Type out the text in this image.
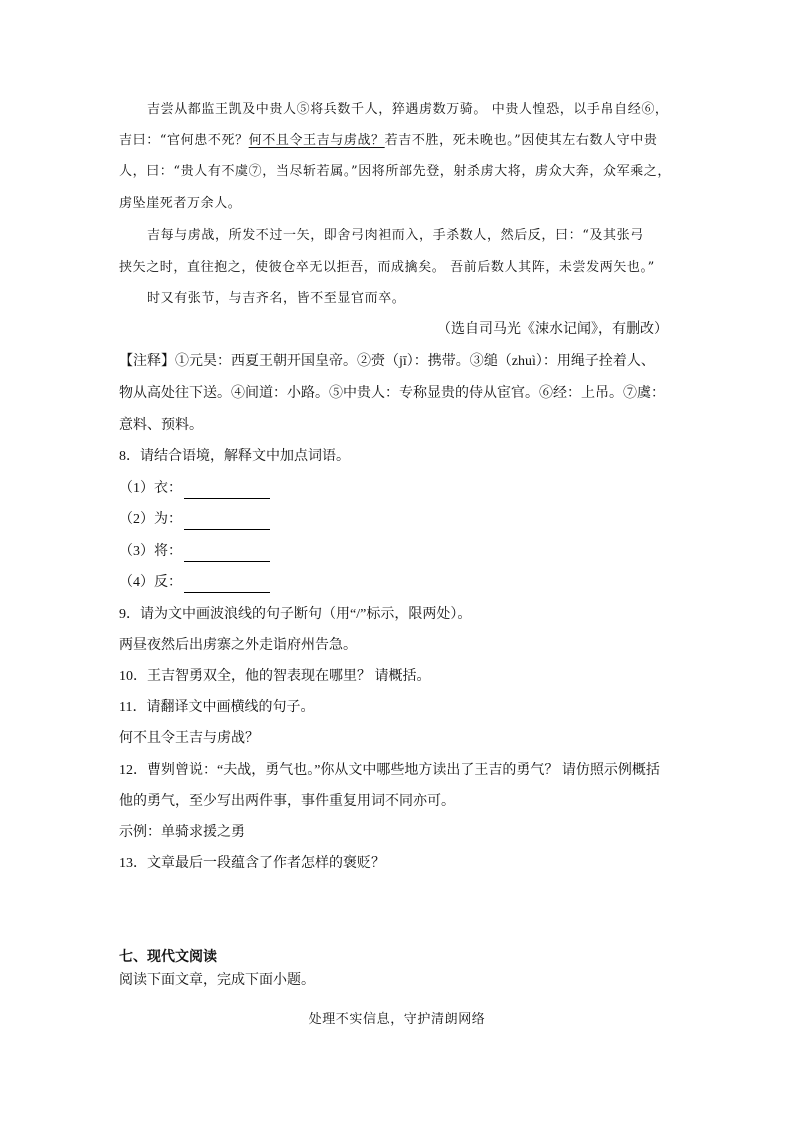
吉尝从都监王凯及中贵人⑤将兵数千人，猝遇虏数万骑。 中贵人惶恐，以手帛自经⑥，
吉曰：“官何患不死？何不且令王吉与虏战？若吉不胜，死未晚也。”因使其左右数人守中贵
人，曰：“贵人有不虞⑦，当尽斩若属。”因将所部先登，射杀虏大将，虏众大奔，众军乘之，
虏坠崖死者万余人。
吉每与虏战，所发不过一矢，即舍弓肉袒而入，手杀数人，然后反，曰：“及其张弓
挟矢之时，直往抱之，使彼仓卒无以拒吾，而成擒矣。 吾前后数人其阵，未尝发两矢也。”
时又有张节，与吉齐名，皆不至显官而卒。
（选自司马光《涑水记闻》，有删改）
【注释】①元昊：西夏王朝开国皇帝。②赍（jī）：携带。③缒（zhuì）：用绳子拴着人、
物从高处往下送。④间道：小路。⑤中贵人：专称显贵的侍从宦官。⑥经：上吊。⑦虞：
意料、预料。
8．请结合语境，解释文中加点词语。
（1）衣：
（2）为：
（3）将：
（4）反：
9．请为文中画波浪线的句子断句（用“/”标示，限两处）。
两昼夜然后出虏寨之外走诣府州告急。
10．王吉智勇双全，他的智表现在哪里？ 请概括。
11．请翻译文中画横线的句子。
何不且令王吉与虏战？
12．曹刿曾说：“夫战，勇气也。”你从文中哪些地方读出了王吉的勇气？ 请仿照示例概括
他的勇气，至少写出两件事，事件重复用词不同亦可。
示例：单骑求援之勇
13．文章最后一段蕴含了作者怎样的褒贬？
七、现代文阅读
阅读下面文章，完成下面小题。
处理不实信息，守护清朗网络
